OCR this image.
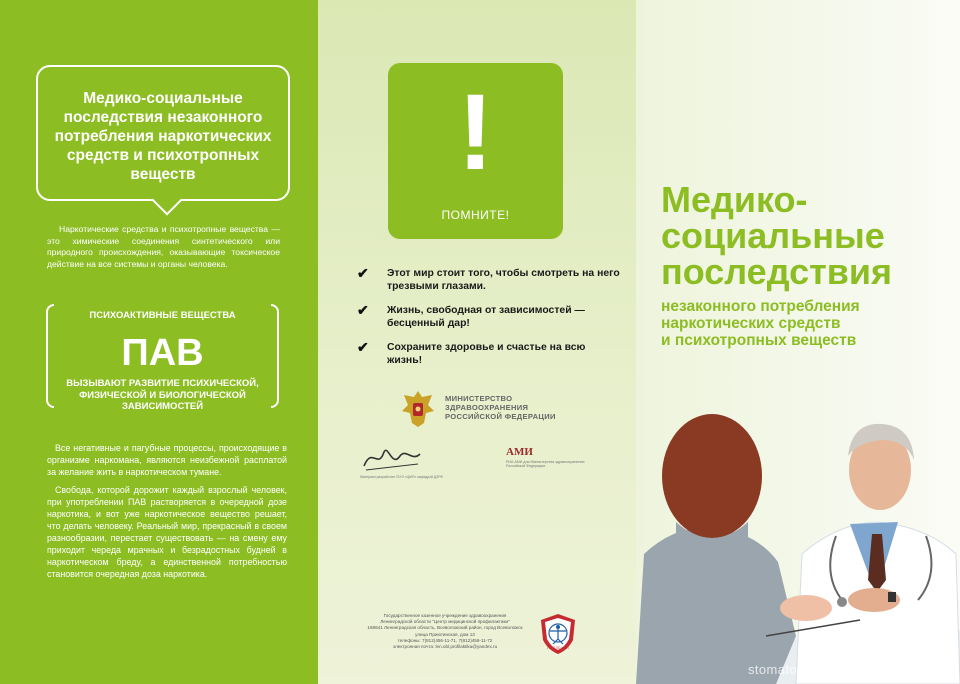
Медико-социальные последствия незаконного потребления наркотических средств и психотропных веществ
Наркотические средства и психотропные вещества — это химические соединения синтетического или природного происхождения, оказывающие токсическое действие на все системы и органы человека.
ПСИХОАКТИВНЫЕ ВЕЩЕСТВА
ПАВ
ВЫЗЫВАЮТ РАЗВИТИЕ ПСИХИЧЕСКОЙ, ФИЗИЧЕСКОЙ И БИОЛОГИЧЕСКОЙ ЗАВИСИМОСТЕЙ

Все негативные и пагубные процессы, происходящие в организме наркомана, являются неизбежной расплатой за желание жить в наркотическом тумане.

Свобода, которой дорожит каждый взрослый человек, при употреблении ПАВ растворяется в очередной дозе наркотика, и вот уже наркотическое вещество решает, что делать человеку. Реальный мир, прекрасный в своем разнообразии, перестает существовать — на смену ему приходит череда мрачных и безрадостных будней в наркотическом бреду, а единственной потребностью становится очередная доза наркотика.

!
ПОМНИТЕ!
✔ Этот мир стоит того, чтобы смотреть на него трезвыми глазами.
✔ Жизнь, свободная от зависимостей — бесценный дар!
✔ Сохраните здоровье и счастье на всю жизнь!
МИНИСТЕРСТВО
ЗДРАВООХРАНЕНИЯ
РОССИЙСКОЙ ФЕДЕРАЦИИ
Материал разработан ГБУЗ «ЦМП» кафедрой ДЗРФ
АМИ
РИА АМИ для Министерства здравоохранения Российской Федерации
Государственное казенное учреждение здравоохранения
Ленинградской области "Центр медицинской профилактики"
188641 Ленинградская область, Всеволожский район, город Всеволожск
улица Приютинская, дом 13
телефоны: 7(812)456-11-71, 7(812)456-11-72
электронная почта: len.obl.profilaktika@yandex.ru	ГКУЗ ЛО ЦМП
Медико-
социальные
последствия
незаконного потребления
наркотических средств
и психотропных веществ
stomatologiyapro.ru
